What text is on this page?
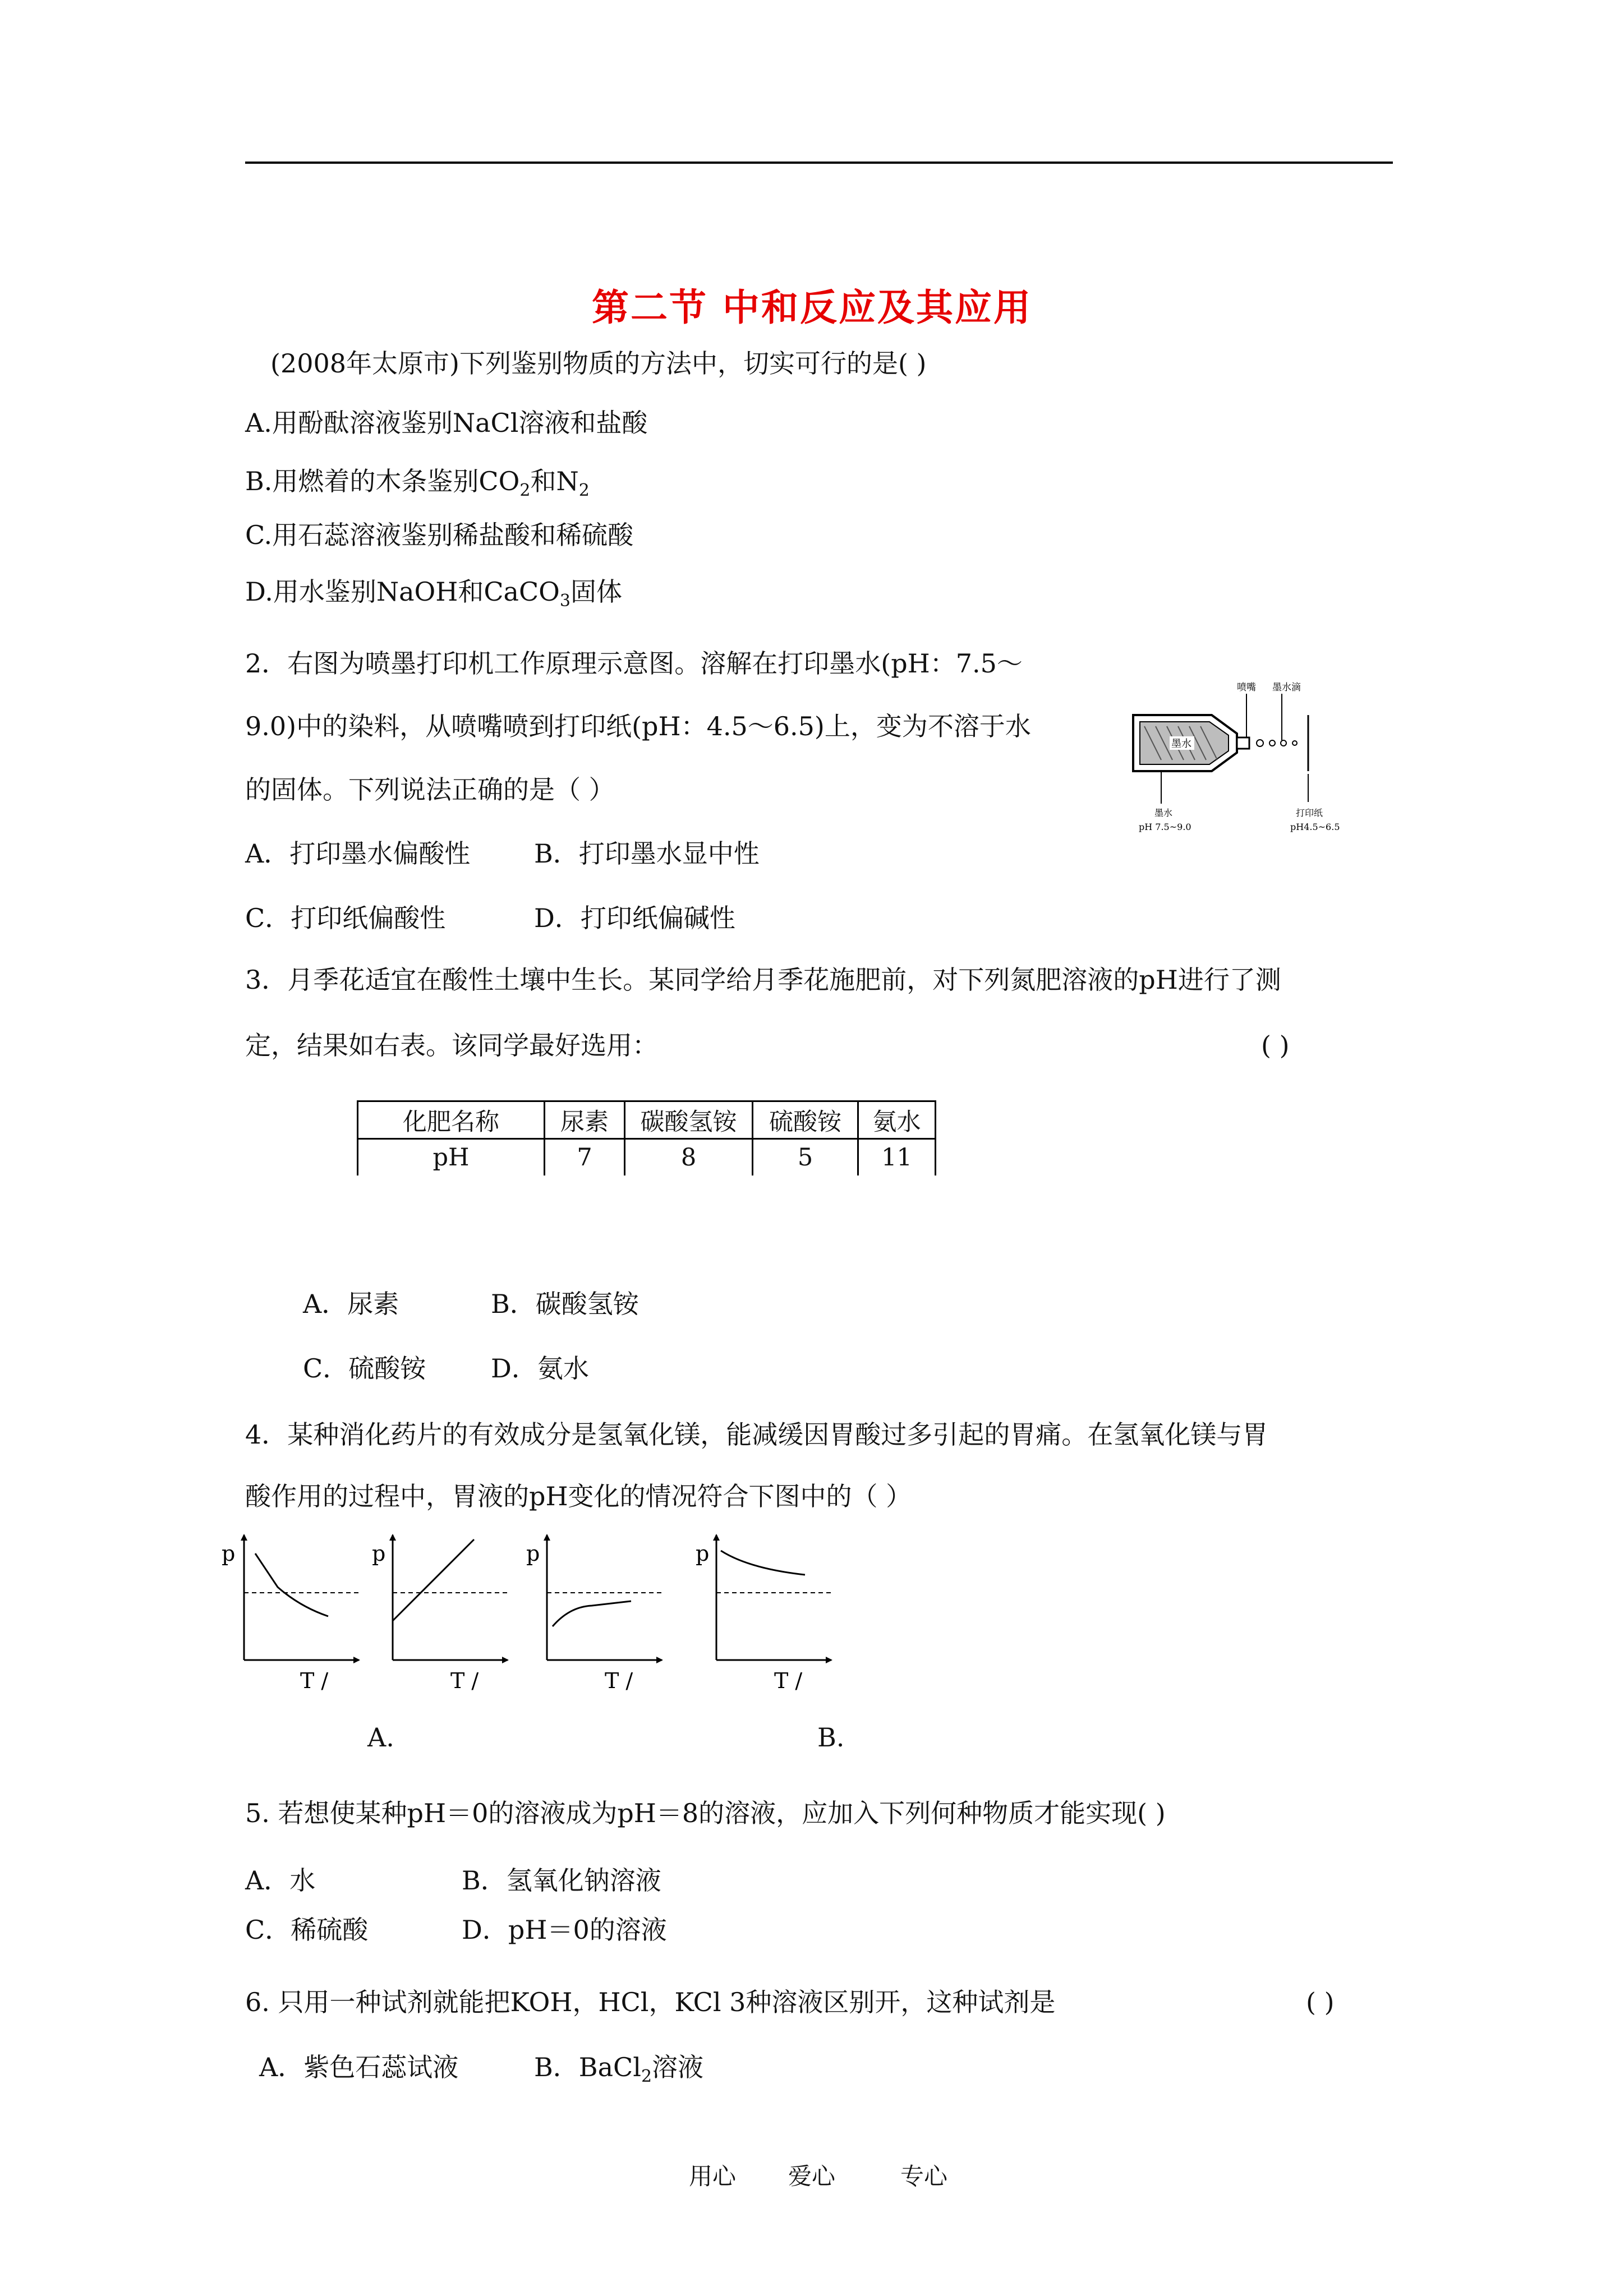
第二节 中和反应及其应用
(2008年太原市)下列鉴别物质的方法中，切实可行的是( )
A.用酚酞溶液鉴别NaCl溶液和盐酸
B.用燃着的木条鉴别$CO_2$和$N_2$
C.用石蕊溶液鉴别稀盐酸和稀硫酸
D.用水鉴别NaOH和CaCO$_3$固体
2．右图为喷墨打印机工作原理示意图。溶解在打印墨水(pH：7.5～
9.0)中的染料，从喷嘴喷到打印纸(pH：4.5～6.5)上，变为不溶于水
的固体。下列说法正确的是（ ）
A．打印墨水偏酸性 B．打印墨水显中性
C．打印纸偏酸性	D．打印纸偏碱性
喷嘴 墨水滴
墨水
墨水
pH 7.5~9.0
打印纸
pH4.5~6.5
3．月季花适宜在酸性土壤中生长。某同学给月季花施肥前，对下列氮肥溶液的pH进行了测
定，结果如右表。该同学最好选用：	( )
化肥名称	尿素	碳酸氢铵	硫酸铵	氨水
pH	7	8	5	11
A．尿素	B．碳酸氢铵
C．硫酸铵	D．氨水
4．某种消化药片的有效成分是氢氧化镁，能减缓因胃酸过多引起的胃痛。在氢氧化镁与胃
酸作用的过程中，胃液的pH变化的情况符合下图中的（ ）
p
T /
p
T /
p
T /
p
T /
A.	B.
5. 若想使某种pH＝0的溶液成为pH＝8的溶液，应加入下列何种物质才能实现( )
A．水	B．氢氧化钠溶液
C．稀硫酸	D．pH＝0的溶液
6. 只用一种试剂就能把KOH，HCl，KCl 3种溶液区别开，这种试剂是	( )
A．紫色石蕊试液	B．BaCl$_2$溶液
用心 爱心	专心
